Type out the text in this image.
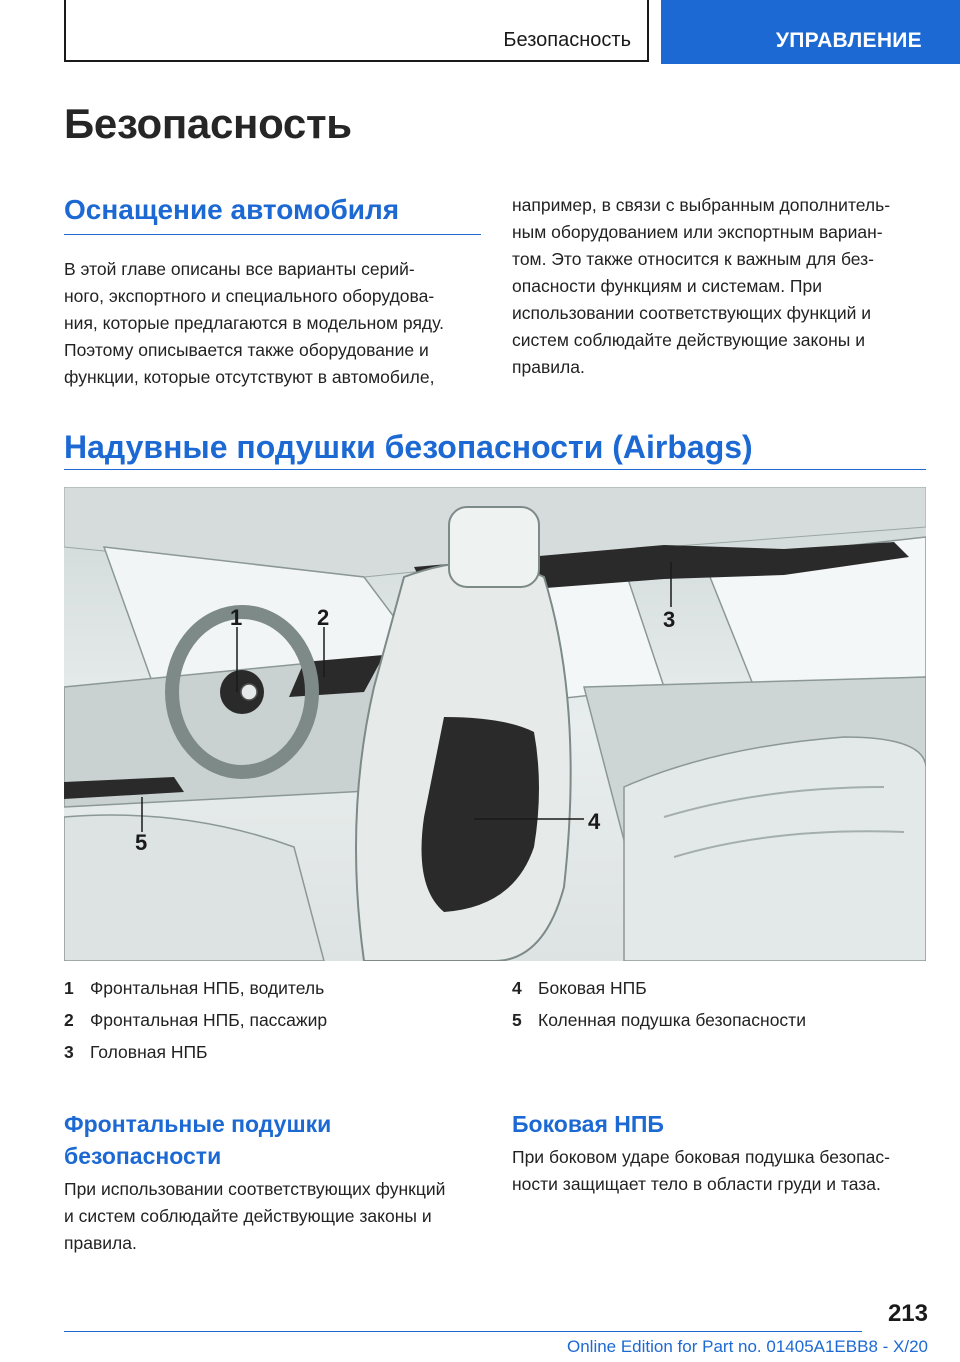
Безопасность	УПРАВЛЕНИЕ
Безопасность
Оснащение автомобиля

В этой главе описаны все варианты серий-
ного, экспортного и специального оборудова-
ния, которые предлагаются в модельном ряду.
Поэтому описывается также оборудование и
функции, которые отсутствуют в автомобиле,

например, в связи с выбранным дополнитель-
ным оборудованием или экспортным вариан-
том. Это также относится к важным для без-
опасности функциям и системам. При
использовании соответствующих функций и
систем соблюдайте действующие законы и
правила.

Надувные подушки безопасности (Airbags)
1	2	3
4
5
1 Фронтальная НПБ, водитель
2 Фронтальная НПБ, пассажир
3 Головная НПБ
4 Боковая НПБ
5 Коленная подушка безопасности
Фронтальные подушки
безопасности

При использовании соответствующих функций
и систем соблюдайте действующие законы и
правила.

Боковая НПБ

При боковом ударе боковая подушка безопас-
ности защищает тело в области груди и таза.

213
Online Edition for Part no. 01405A1EBB8 - X/20
